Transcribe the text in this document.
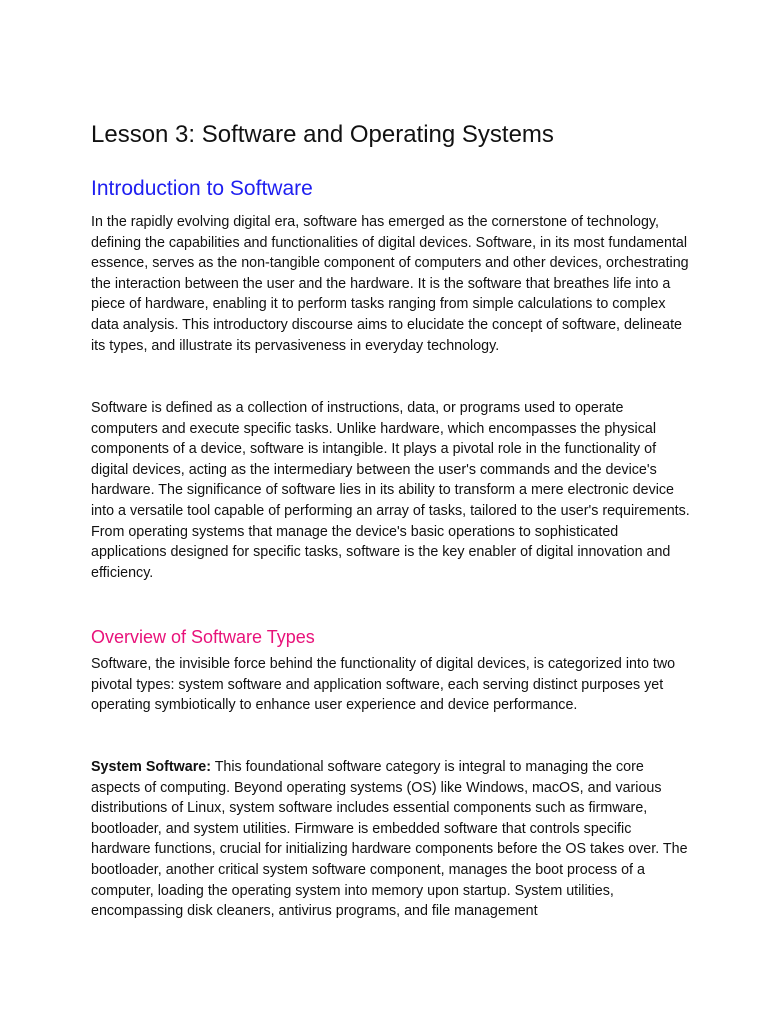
Lesson 3: Software and Operating Systems
Introduction to Software

In the rapidly evolving digital era, software has emerged as the cornerstone of technology, defining the capabilities and functionalities of digital devices. Software, in its most fundamental essence, serves as the non-tangible component of computers and other devices, orchestrating the interaction between the user and the hardware. It is the software that breathes life into a piece of hardware, enabling it to perform tasks ranging from simple calculations to complex data analysis. This introductory discourse aims to elucidate the concept of software, delineate its types, and illustrate its pervasiveness in everyday technology.

Software is defined as a collection of instructions, data, or programs used to operate computers and execute specific tasks. Unlike hardware, which encompasses the physical components of a device, software is intangible. It plays a pivotal role in the functionality of digital devices, acting as the intermediary between the user's commands and the device's hardware. The significance of software lies in its ability to transform a mere electronic device into a versatile tool capable of performing an array of tasks, tailored to the user's requirements. From operating systems that manage the device's basic operations to sophisticated applications designed for specific tasks, software is the key enabler of digital innovation and efficiency.

Overview of Software Types

Software, the invisible force behind the functionality of digital devices, is categorized into two pivotal types: system software and application software, each serving distinct purposes yet operating symbiotically to enhance user experience and device performance.

System Software: This foundational software category is integral to managing the core aspects of computing. Beyond operating systems (OS) like Windows, macOS, and various distributions of Linux, system software includes essential components such as firmware, bootloader, and system utilities. Firmware is embedded software that controls specific hardware functions, crucial for initializing hardware components before the OS takes over. The bootloader, another critical system software component, manages the boot process of a computer, loading the operating system into memory upon startup. System utilities, encompassing disk cleaners, antivirus programs, and file management
